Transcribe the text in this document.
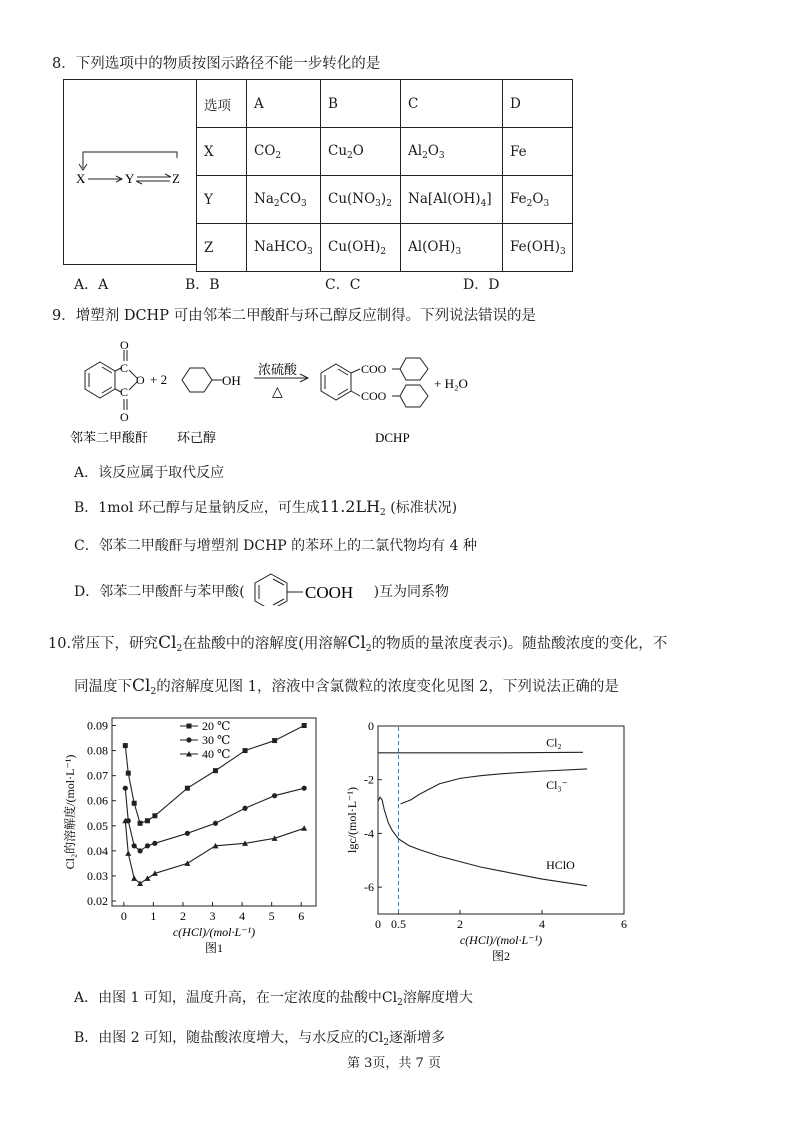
8．下列选项中的物质按图示路径不能一步转化的是
X	Y	Z
选项	A	B	C	D
X	$CO_2$	$Cu_2O$	$Al_2O_3$	Fe
Y	$Na_2CO_3$	$Cu(NO_3)_2$	$Na[Al(OH)_4]$	$Fe_2O_3$
Z	NaHCO$_3$	$Cu(OH)_2$	$Al(OH)_3$	$Fe(OH)_3$
A．A	B．B	C．C	D．D
9．增塑剂 DCHP 可由邻苯二甲酸酐与环己醇反应制得。下列说法错误的是
C
O
O
C
O
+ 2	OH
浓硫酸
△
COO
COO
+ H₂O
邻苯二甲酸酐 环己醇	DCHP
A．该反应属于取代反应
B．1mol 环己醇与足量钠反应，可生成$11.2LH_2$ (标准状况)
C．邻苯二甲酸酐与增塑剂 DCHP 的苯环上的二氯代物均有 4 种
D．邻苯二甲酸酐与苯甲酸(	COOH )互为同系物
10.常压下，研究$Cl_2$在盐酸中的溶解度(用溶解$Cl_2$的物质的量浓度表示)。随盐酸浓度的变化，不
同温度下$Cl_2$的溶解度见图 1，溶液中含氯微粒的浓度变化见图 2，下列说法正确的是
0 1 2 3 4 5 6
0.02
0.03
0.04
0.05
0.06
0.07
0.08
0.09
c(HCl)/(mol·L⁻¹)
图1
Cl₂的溶解度/(mol·L⁻¹)
20 ℃
30 ℃
40 ℃
0 0.5	2	4	6
0
-2
-4
-6
c(HCl)/(mol·L⁻¹)
图2
lgc/(mol·L⁻¹)
Cl₂
Cl₃⁻
HClO
A．由图 1 可知，温度升高，在一定浓度的盐酸中$Cl_2$溶解度增大
B．由图 2 可知，随盐酸浓度增大，与水反应的$Cl_2$逐渐增多
第 3页，共 7 页
